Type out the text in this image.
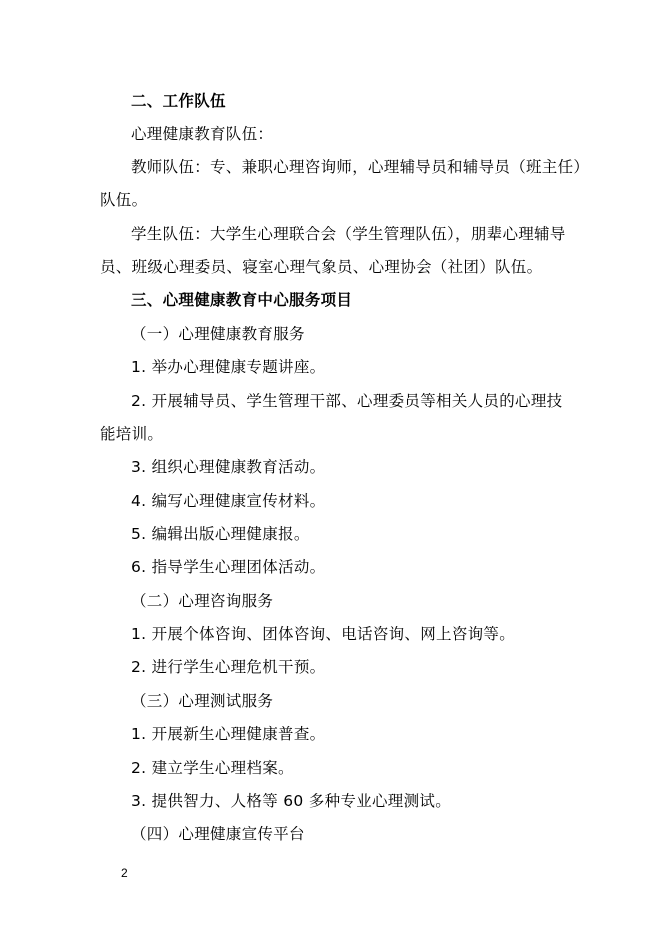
二、工作队伍
心理健康教育队伍：
教师队伍：专、兼职心理咨询师，心理辅导员和辅导员（班主任）
队伍。
学生队伍：大学生心理联合会（学生管理队伍），朋辈心理辅导
员、班级心理委员、寝室心理气象员、心理协会（社团）队伍。
三、心理健康教育中心服务项目
（一）心理健康教育服务
1. 举办心理健康专题讲座。
2. 开展辅导员、学生管理干部、心理委员等相关人员的心理技
能培训。
3. 组织心理健康教育活动。
4. 编写心理健康宣传材料。
5. 编辑出版心理健康报。
6. 指导学生心理团体活动。
（二）心理咨询服务
1. 开展个体咨询、团体咨询、电话咨询、网上咨询等。
2. 进行学生心理危机干预。
（三）心理测试服务
1. 开展新生心理健康普查。
2. 建立学生心理档案。
3. 提供智力、人格等 60 多种专业心理测试。
（四）心理健康宣传平台
2
